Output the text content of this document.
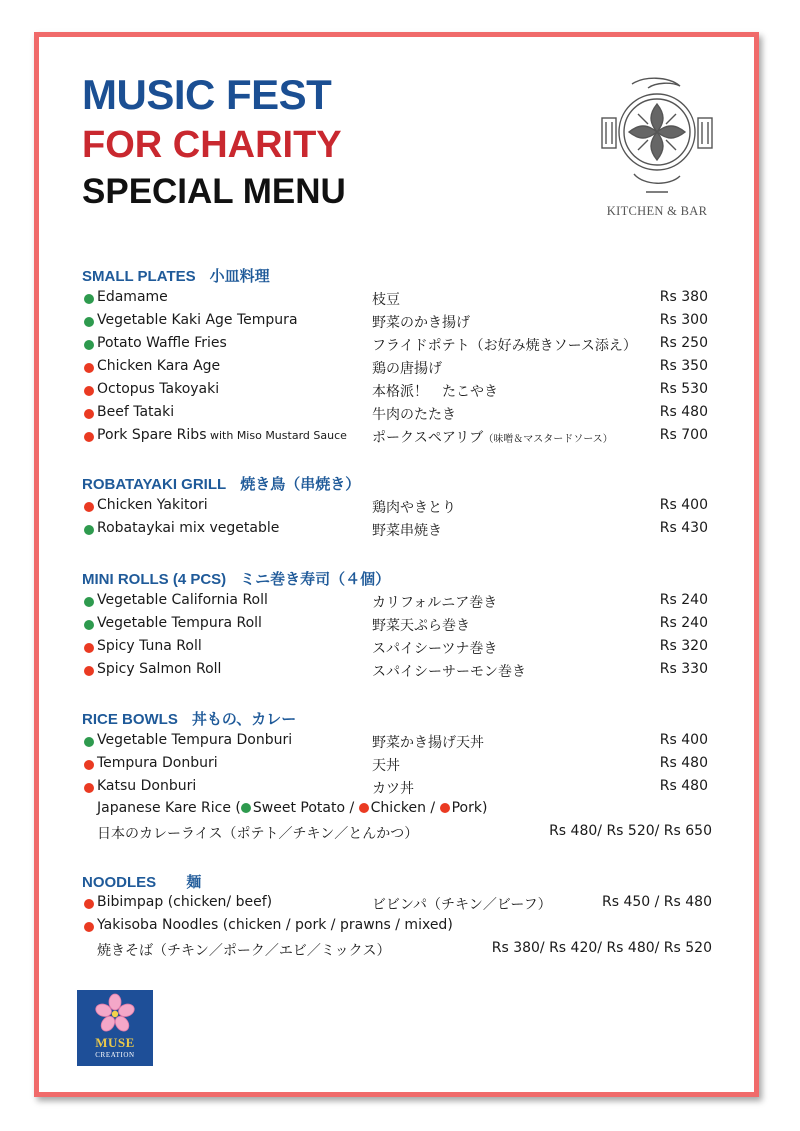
MUSIC FEST
FOR CHARITY
SPECIAL MENU	KITCHEN & BAR
SMALL PLATES 小皿料理
Edamame	枝豆	Rs 380
Vegetable Kaki Age Tempura	野菜のかき揚げ	Rs 300
Potato Waffle Fries	フライドポテト（お好み焼きソース添え） Rs 250
Chicken Kara Age	鶏の唐揚げ	Rs 350
Octopus Takoyaki	本格派！　たこやき	Rs 530
Beef Tataki	牛肉のたたき	Rs 480
Pork Spare Ribs with Miso Mustard Sauce ポークスペアリブ（味噌＆マスタードソース）	Rs 700
ROBATAYAKI GRILL 焼き鳥（串焼き）
Chicken Yakitori	鶏肉やきとり	Rs 400
Robataykai mix vegetable	野菜串焼き	Rs 430
MINI ROLLS (4 PCS) ミニ巻き寿司（４個）
Vegetable California Roll	カリフォルニア巻き	Rs 240
Vegetable Tempura Roll	野菜天ぷら巻き	Rs 240
Spicy Tuna Roll	スパイシーツナ巻き	Rs 320
Spicy Salmon Roll	スパイシーサーモン巻き	Rs 330
RICE BOWLS 丼もの、カレー
Vegetable Tempura Donburi	野菜かき揚げ天丼	Rs 400
Tempura Donburi	天丼	Rs 480
Katsu Donburi	カツ丼	Rs 480
Japanese Kare Rice ( Sweet Potato / Chicken / Pork)
日本のカレーライス（ポテト／チキン／とんかつ）	Rs 480/ Rs 520/ Rs 650
NOODLES 麺
Bibimpap (chicken/ beef)	ビビンパ（チキン／ビーフ）	Rs 450 / Rs 480
Yakisoba Noodles (chicken / pork / prawns / mixed)
焼きそば（チキン／ポーク／エビ／ミックス）	Rs 380/ Rs 420/ Rs 480/ Rs 520
MUSE
CREATION
